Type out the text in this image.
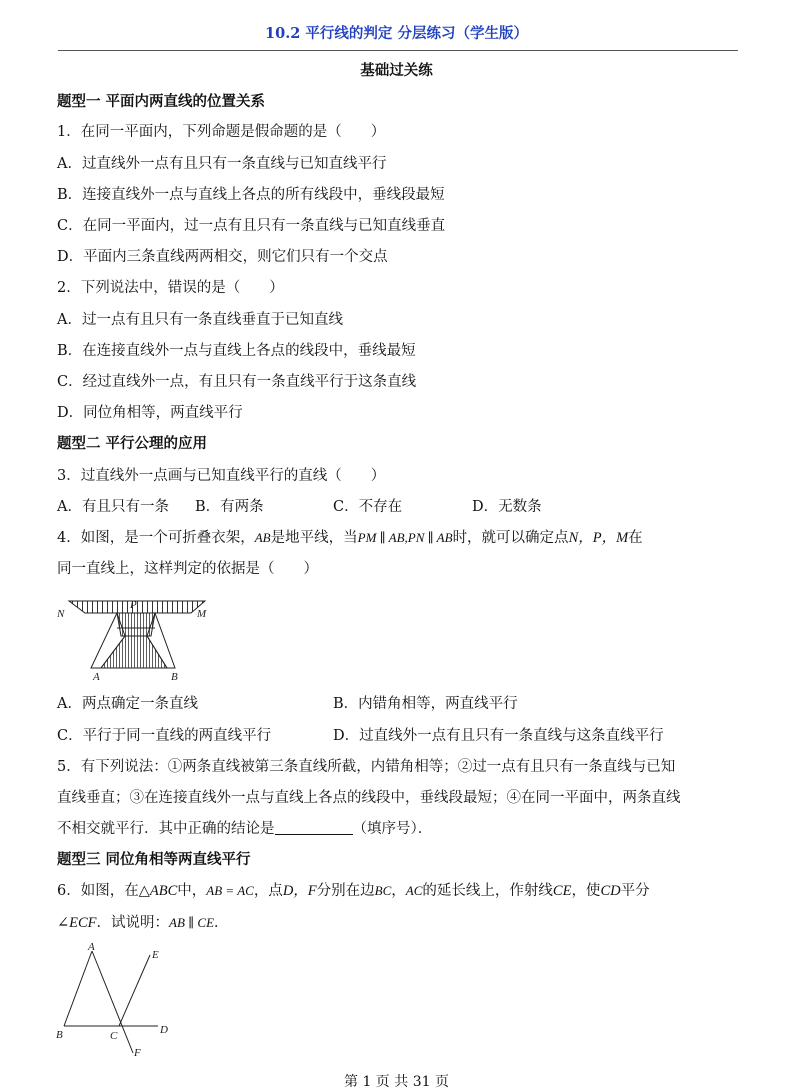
10.2 平行线的判定 分层练习（学生版）
基础过关练
题型一 平面内两直线的位置关系
1．在同一平面内，下列命题是假命题的是（　　）
A．过直线外一点有且只有一条直线与已知直线平行
B．连接直线外一点与直线上各点的所有线段中，垂线段最短
C．在同一平面内，过一点有且只有一条直线与已知直线垂直
D．平面内三条直线两两相交，则它们只有一个交点
2．下列说法中，错误的是（　　）
A．过一点有且只有一条直线垂直于已知直线
B．在连接直线外一点与直线上各点的线段中，垂线最短
C．经过直线外一点，有且只有一条直线平行于这条直线
D．同位角相等，两直线平行
题型二 平行公理的应用
3．过直线外一点画与已知直线平行的直线（　　）
A．有且只有一条 B．有两条	C．不存在	D．无数条
4．如图，是一个可折叠衣架，AB是地平线，当PM ∥ AB,PN ∥ AB时，就可以确定点N，P，M在
同一直线上，这样判定的依据是（　　）
N
P
M
A	B
A．两点确定一条直线	B．内错角相等，两直线平行
C．平行于同一直线的两直线平行	D．过直线外一点有且只有一条直线与这条直线平行
5．有下列说法：①两条直线被第三条直线所截，内错角相等；②过一点有且只有一条直线与已知
直线垂直；③在连接直线外一点与直线上各点的线段中，垂线段最短；④在同一平面中，两条直线
不相交就平行．其中正确的结论是	（填序号）．
题型三 同位角相等两直线平行
6．如图，在△ABC中，AB = AC，点D，F分别在边BC，AC的延长线上，作射线CE，使CD平分
∠ECF．试说明：AB ∥ CE．
A
B	C	D
E
F
第 1 页 共 31 页
